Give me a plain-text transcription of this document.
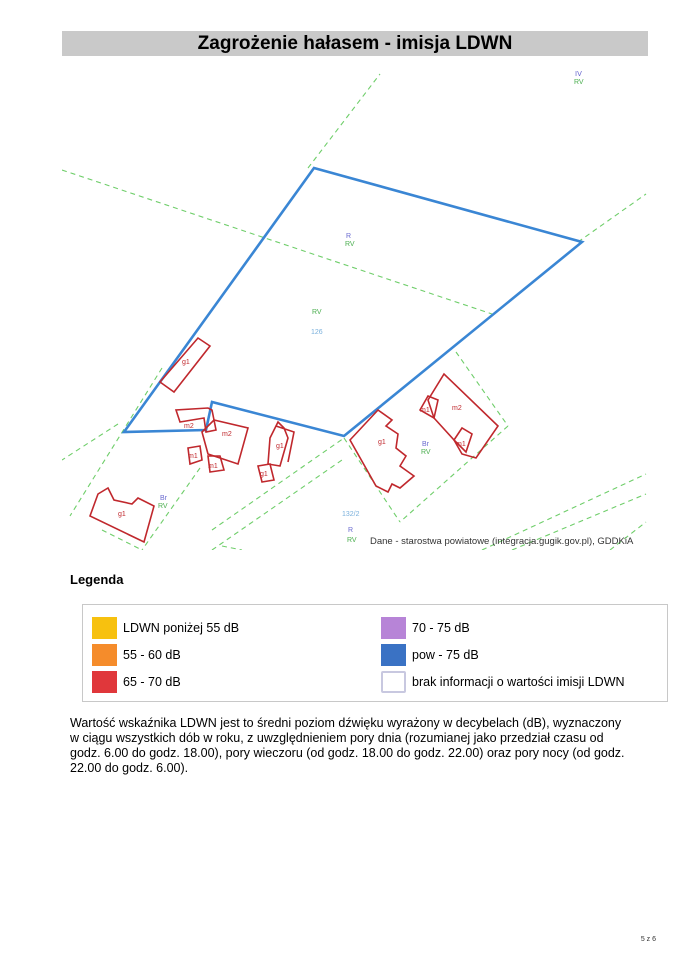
Zagrożenie hałasem - imisja LDWN
ⅠⅤ
RV
R
RV
RV
126
g1
m2
m2
m1
m1
g1
g1
g1
Br
RV
132/2
R
RV
m1	m2
m1
g1	Br
RV
Dane - starostwa powiatowe (integracja.gugik.gov.pl), GDDKiA
Legenda
LDWN poniżej 55 dB
55 - 60 dB
65 - 70 dB
70 - 75 dB
pow - 75 dB
brak informacji o wartości imisji LDWN
Wartość wskaźnika LDWN jest to średni poziom dźwięku wyrażony w decybelach (dB), wyznaczony w ciągu wszystkich dób w roku, z uwzględnieniem pory dnia (rozumianej jako przedział czasu od godz. 6.00 do godz. 18.00), pory wieczoru (od godz. 18.00 do godz. 22.00) oraz pory nocy (od godz. 22.00 do godz. 6.00).
5 z 6
